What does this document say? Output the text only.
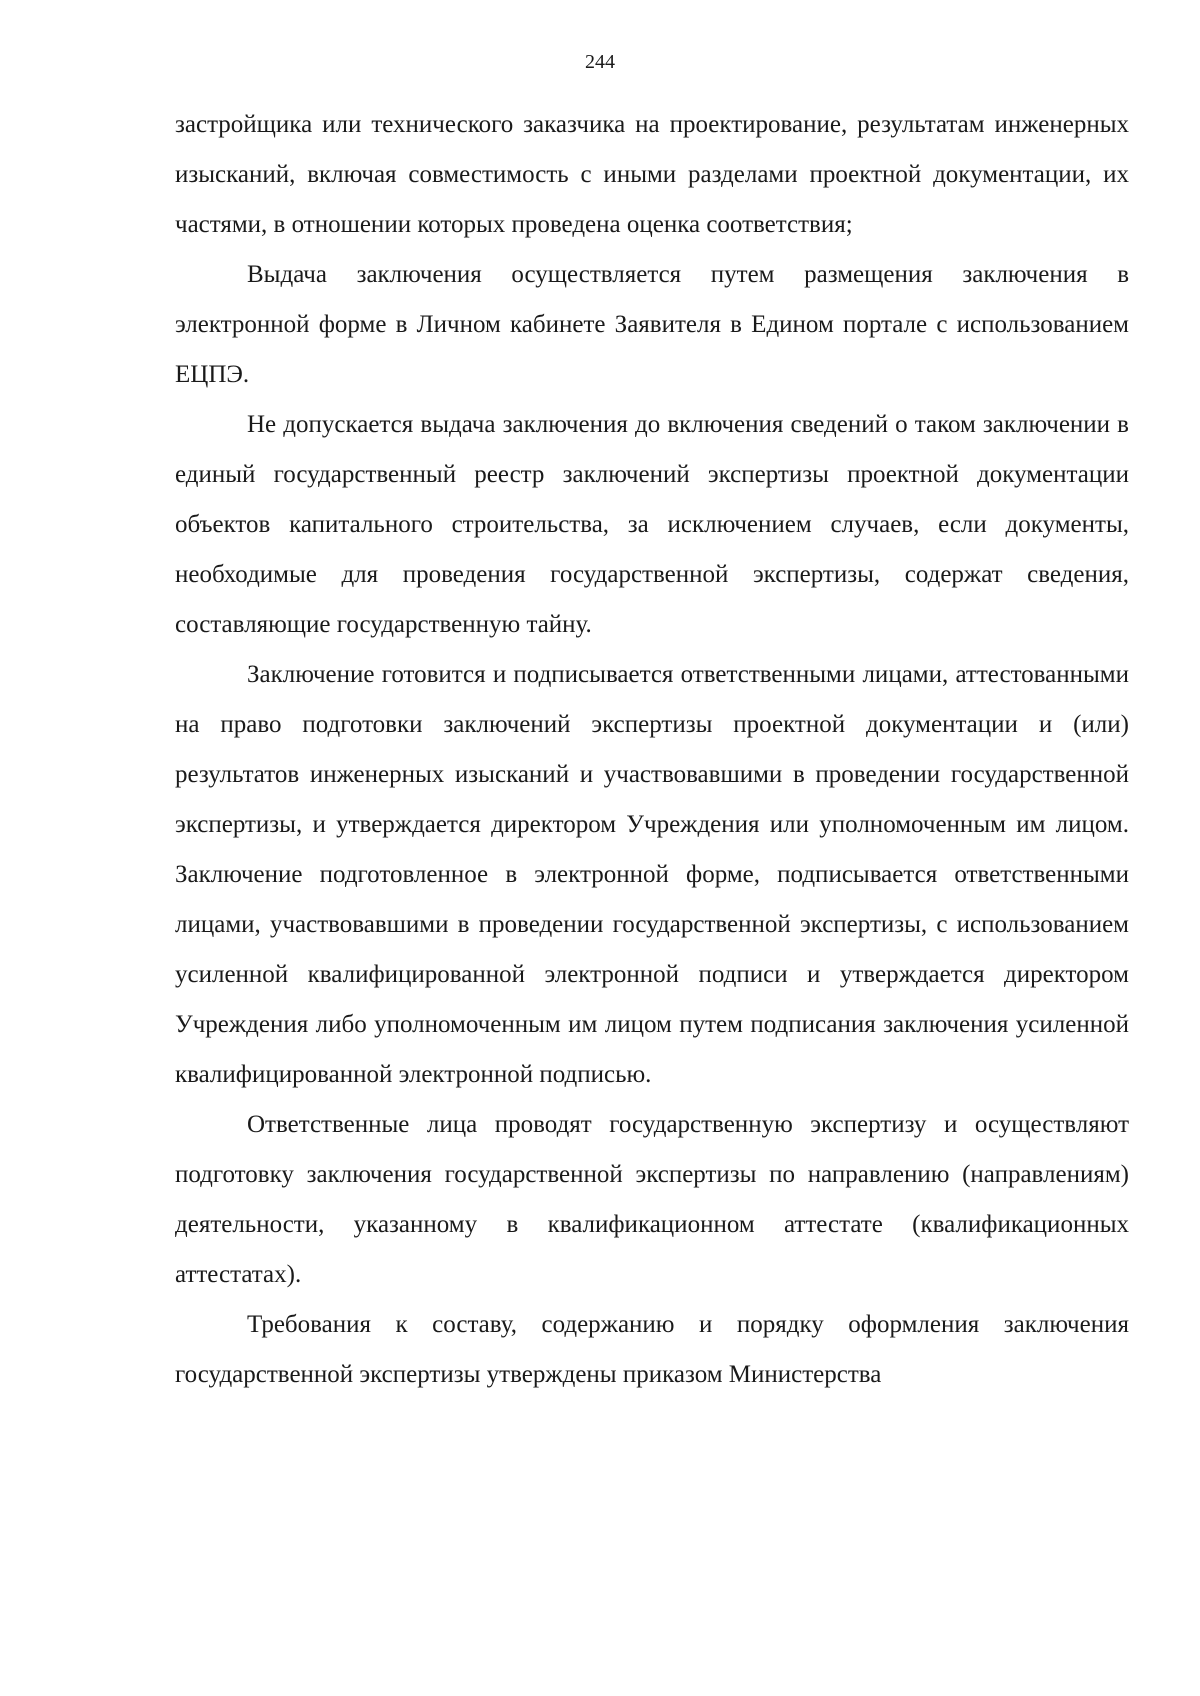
244

застройщика или технического заказчика на проектирование, результатам инженерных изысканий, включая совместимость с иными разделами проектной документации, их частями, в отношении которых проведена оценка соответствия;

Выдача заключения осуществляется путем размещения заключения в электронной форме в Личном кабинете Заявителя в Едином портале с использованием ЕЦПЭ.

Не допускается выдача заключения до включения сведений о таком заключении в единый государственный реестр заключений экспертизы проектной документации объектов капитального строительства, за исключением случаев, если документы, необходимые для проведения государственной экспертизы, содержат сведения, составляющие государственную тайну.

Заключение готовится и подписывается ответственными лицами, аттестованными на право подготовки заключений экспертизы проектной документации и (или) результатов инженерных изысканий и участвовавшими в проведении государственной экспертизы, и утверждается директором Учреждения или уполномоченным им лицом. Заключение подготовленное в электронной форме, подписывается ответственными лицами, участвовавшими в проведении государственной экспертизы, с использованием усиленной квалифицированной электронной подписи и утверждается директором Учреждения либо уполномоченным им лицом путем подписания заключения усиленной квалифицированной электронной подписью.

Ответственные лица проводят государственную экспертизу и осуществляют подготовку заключения государственной экспертизы по направлению (направлениям) деятельности, указанному в квалификационном аттестате (квалификационных аттестатах).

Требования к составу, содержанию и порядку оформления заключения государственной экспертизы утверждены приказом Министерства
